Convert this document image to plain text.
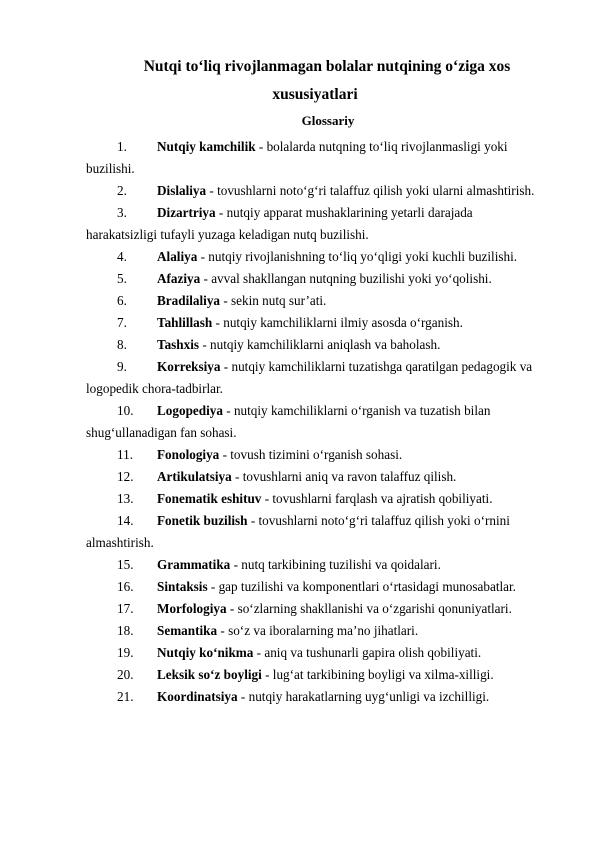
Nutqi to‘liq rivojlanmagan bolalar nutqining o‘ziga xos
xususiyatlari
Glossariy

1. Nutqiy kamchilik - bolalarda nutqning to‘liq rivojlanmasligi yoki buzilishi.

2. Dislaliya - tovushlarni noto‘g‘ri talaffuz qilish yoki ularni almashtirish.

3. Dizartriya - nutqiy apparat mushaklarining yetarli darajada harakatsizligi tufayli yuzaga keladigan nutq buzilishi.

4. Alaliya - nutqiy rivojlanishning to‘liq yo‘qligi yoki kuchli buzilishi.

5. Afaziya - avval shakllangan nutqning buzilishi yoki yo‘qolishi.

6. Bradilaliya - sekin nutq sur’ati.

7. Tahlillash - nutqiy kamchiliklarni ilmiy asosda o‘rganish.

8. Tashxis - nutqiy kamchiliklarni aniqlash va baholash.

9. Korreksiya - nutqiy kamchiliklarni tuzatishga qaratilgan pedagogik va logopedik chora-tadbirlar.

10. Logopediya - nutqiy kamchiliklarni o‘rganish va tuzatish bilan shug‘ullanadigan fan sohasi.

11. Fonologiya - tovush tizimini o‘rganish sohasi.

12. Artikulatsiya - tovushlarni aniq va ravon talaffuz qilish.

13. Fonematik eshituv - tovushlarni farqlash va ajratish qobiliyati.

14. Fonetik buzilish - tovushlarni noto‘g‘ri talaffuz qilish yoki o‘rnini almashtirish.

15. Grammatika - nutq tarkibining tuzilishi va qoidalari.

16. Sintaksis - gap tuzilishi va komponentlari o‘rtasidagi munosabatlar.

17. Morfologiya - so‘zlarning shakllanishi va o‘zgarishi qonuniyatlari.

18. Semantika - so‘z va iboralarning ma’no jihatlari.

19. Nutqiy ko‘nikma - aniq va tushunarli gapira olish qobiliyati.

20. Leksik so‘z boyligi - lug‘at tarkibining boyligi va xilma-xilligi.

21. Koordinatsiya - nutqiy harakatlarning uyg‘unligi va izchilligi.
